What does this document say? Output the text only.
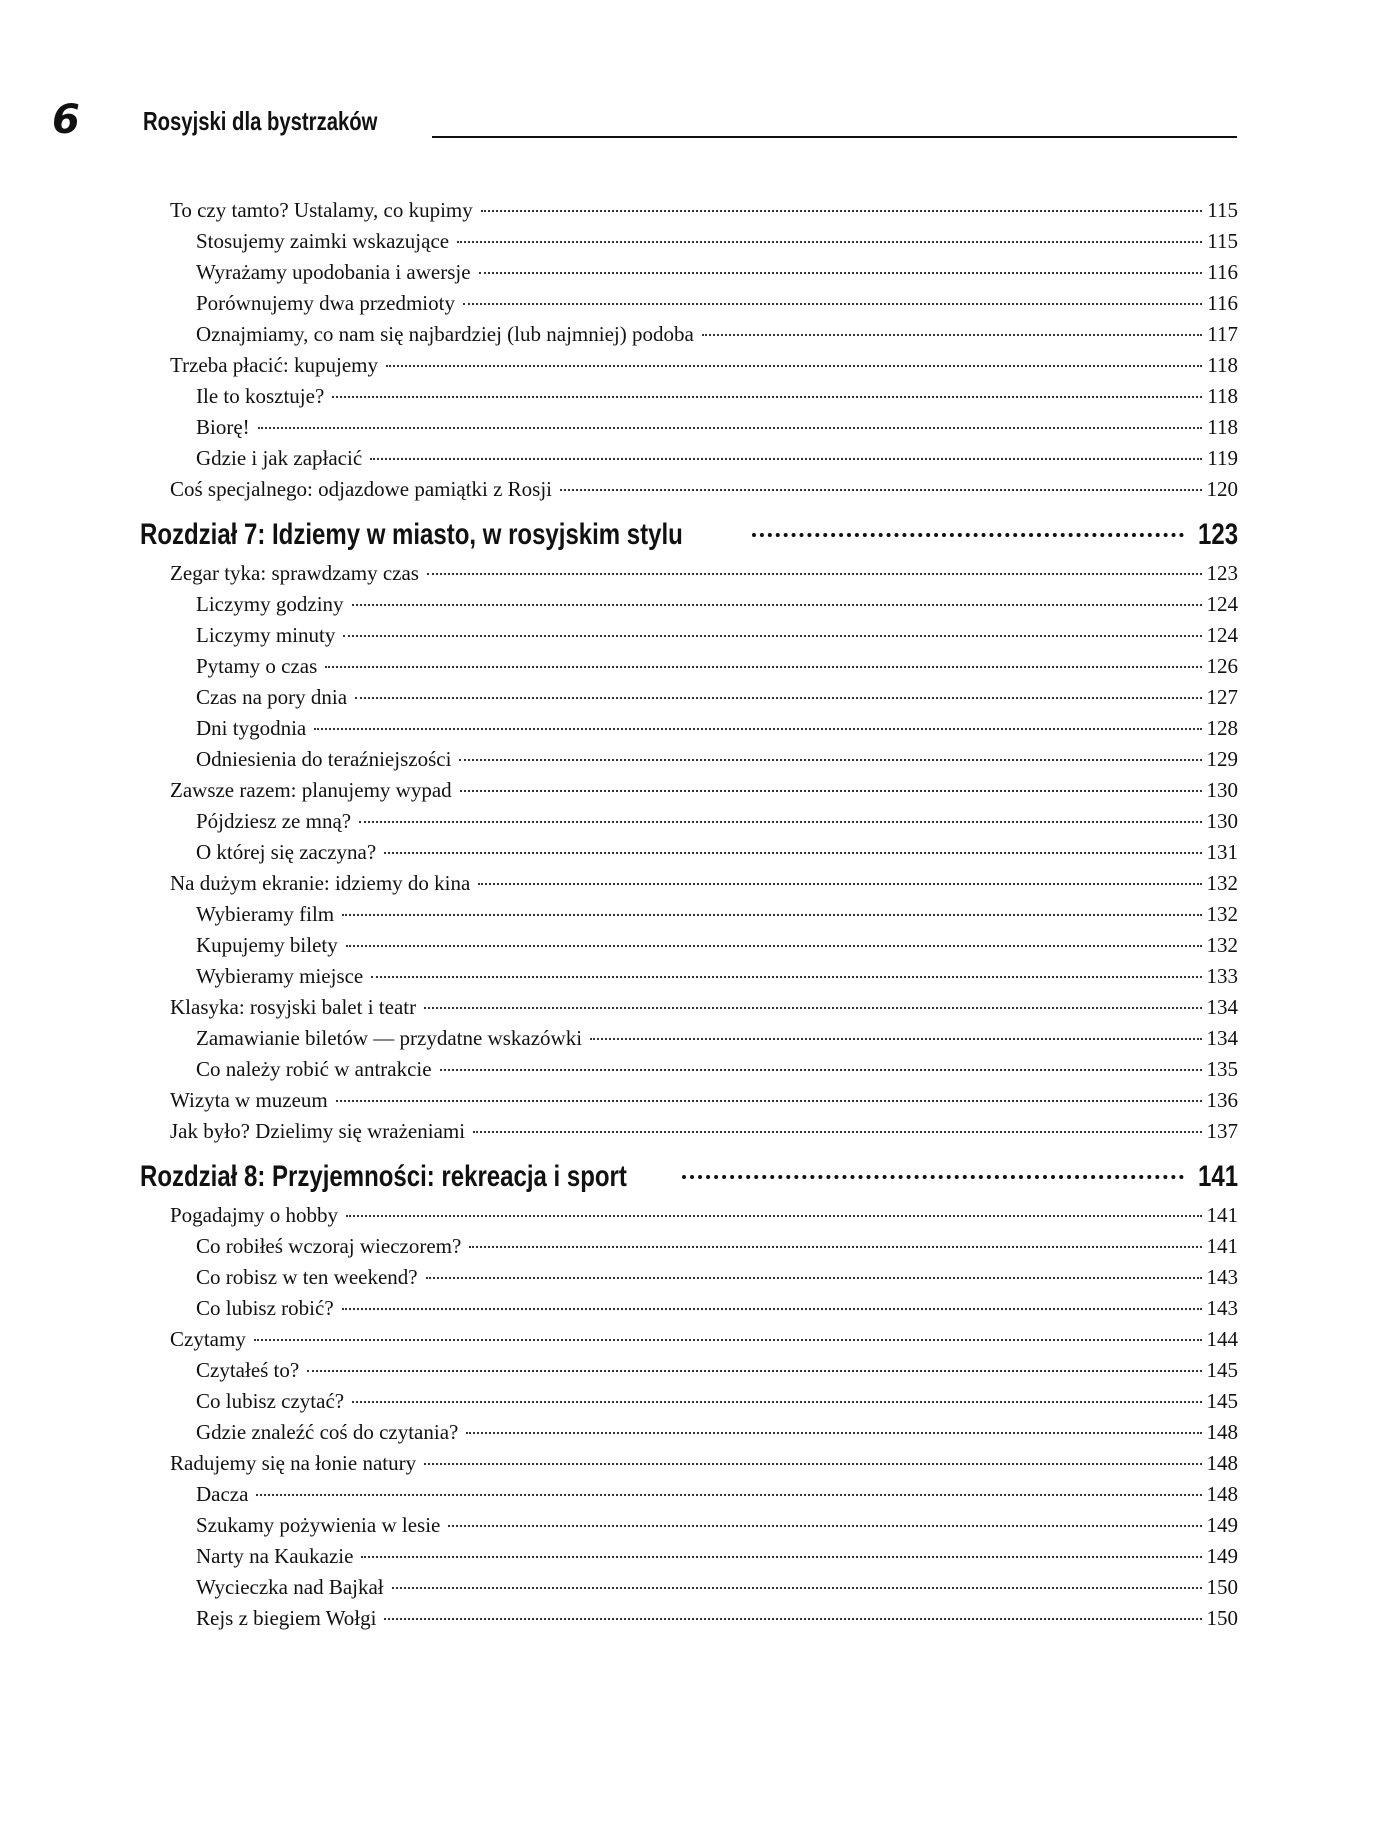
6 Rosyjski dla bystrzaków
To czy tamto? Ustalamy, co kupimy	115
Stosujemy zaimki wskazujące	115
Wyrażamy upodobania i awersje	116
Porównujemy dwa przedmioty	116
Oznajmiamy, co nam się najbardziej (lub najmniej) podoba	117
Trzeba płacić: kupujemy	118
Ile to kosztuje?	118
Biorę!	118
Gdzie i jak zapłacić	119
Coś specjalnego: odjazdowe pamiątki z Rosji	120
Rozdział 7: Idziemy w miasto, w rosyjskim stylu	123
Zegar tyka: sprawdzamy czas	123
Liczymy godziny	124
Liczymy minuty	124
Pytamy o czas	126
Czas na pory dnia	127
Dni tygodnia	128
Odniesienia do teraźniejszości	129
Zawsze razem: planujemy wypad	130
Pójdziesz ze mną?	130
O której się zaczyna?	131
Na dużym ekranie: idziemy do kina	132
Wybieramy film	132
Kupujemy bilety	132
Wybieramy miejsce	133
Klasyka: rosyjski balet i teatr	134
Zamawianie biletów — przydatne wskazówki	134
Co należy robić w antrakcie	135
Wizyta w muzeum	136
Jak było? Dzielimy się wrażeniami	137
Rozdział 8: Przyjemności: rekreacja i sport	141
Pogadajmy o hobby	141
Co robiłeś wczoraj wieczorem?	141
Co robisz w ten weekend?	143
Co lubisz robić?	143
Czytamy	144
Czytałeś to?	145
Co lubisz czytać?	145
Gdzie znaleźć coś do czytania?	148
Radujemy się na łonie natury	148
Dacza	148
Szukamy pożywienia w lesie	149
Narty na Kaukazie	149
Wycieczka nad Bajkał	150
Rejs z biegiem Wołgi	150
